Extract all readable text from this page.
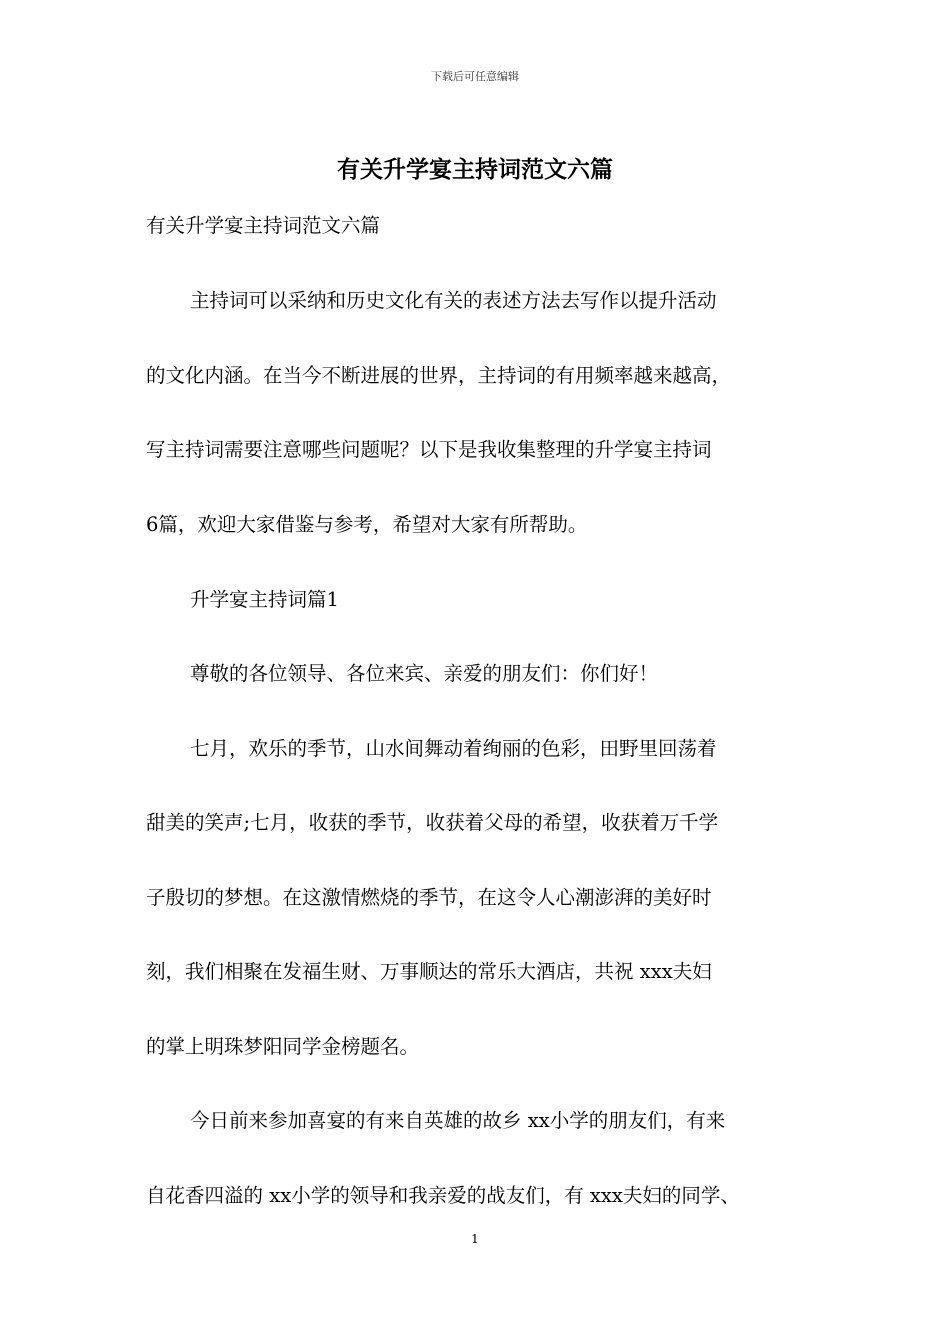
下载后可任意编辑
有关升学宴主持词范文六篇
有关升学宴主持词范文六篇
主持词可以采纳和历史文化有关的表述方法去写作以提升活动
的文化内涵。在当今不断进展的世界，主持词的有用频率越来越高，
写主持词需要注意哪些问题呢？以下是我收集整理的升学宴主持词
6篇，欢迎大家借鉴与参考，希望对大家有所帮助。
升学宴主持词篇1
尊敬的各位领导、各位来宾、亲爱的朋友们：你们好！
七月，欢乐的季节，山水间舞动着绚丽的色彩，田野里回荡着
甜美的笑声;七月，收获的季节，收获着父母的希望，收获着万千学
子殷切的梦想。在这激情燃烧的季节，在这令人心潮澎湃的美好时
刻，我们相聚在发福生财、万事顺达的常乐大酒店，共祝 xxx夫妇
的掌上明珠梦阳同学金榜题名。
今日前来参加喜宴的有来自英雄的故乡 xx小学的朋友们，有来
自花香四溢的 xx小学的领导和我亲爱的战友们，有 xxx夫妇的同学、
1
